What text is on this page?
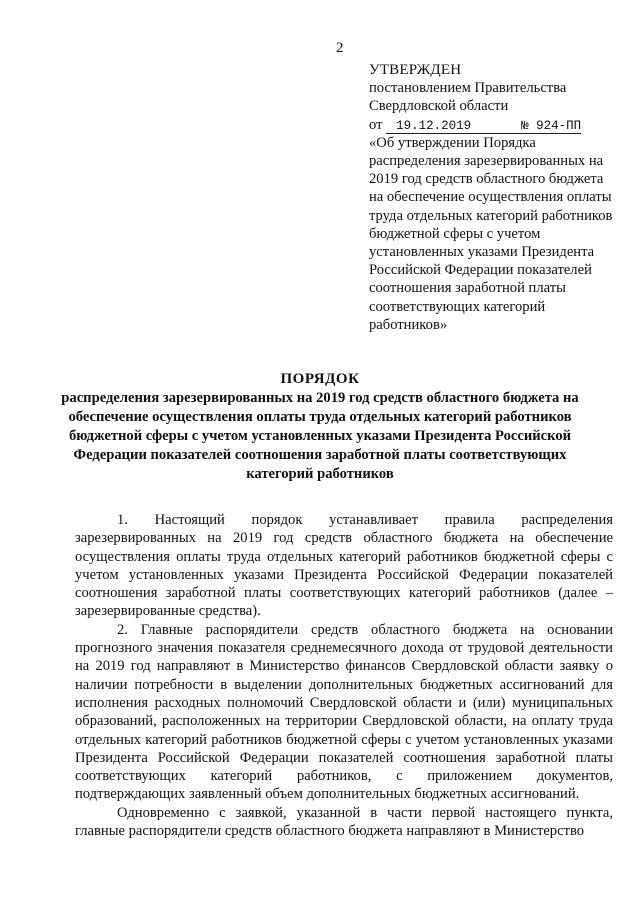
2
УТВЕРЖДЕН
постановлением Правительства
Свердловской области
от 19.12.2019	№ 924-ПП

«Об утверждении Порядка распределения зарезервированных на 2019 год средств областного бюджета на обеспечение осуществления оплаты труда отдельных категорий работников бюджетной сферы с учетом установленных указами Президента Российской Федерации показателей соотношения заработной платы соответствующих категорий работников»

ПОРЯДОК
распределения зарезервированных на 2019 год средств областного бюджета на обеспечение осуществления оплаты труда отдельных категорий работников бюджетной сферы с учетом установленных указами Президента Российской Федерации показателей соотношения заработной платы соответствующих категорий работников

1. Настоящий порядок устанавливает правила распределения зарезервированных на 2019 год средств областного бюджета на обеспечение осуществления оплаты труда отдельных категорий работников бюджетной сферы с учетом установленных указами Президента Российской Федерации показателей соотношения заработной платы соответствующих категорий работников (далее – зарезервированные средства).

2. Главные распорядители средств областного бюджета на основании прогнозного значения показателя среднемесячного дохода от трудовой деятельности на 2019 год направляют в Министерство финансов Свердловской области заявку о наличии потребности в выделении дополнительных бюджетных ассигнований для исполнения расходных полномочий Свердловской области и (или) муниципальных образований, расположенных на территории Свердловской области, на оплату труда отдельных категорий работников бюджетной сферы с учетом установленных указами Президента Российской Федерации показателей соотношения заработной платы соответствующих категорий работников, с приложением документов, подтверждающих заявленный объем дополнительных бюджетных ассигнований.

Одновременно с заявкой, указанной в части первой настоящего пункта, главные распорядители средств областного бюджета направляют в Министерство
